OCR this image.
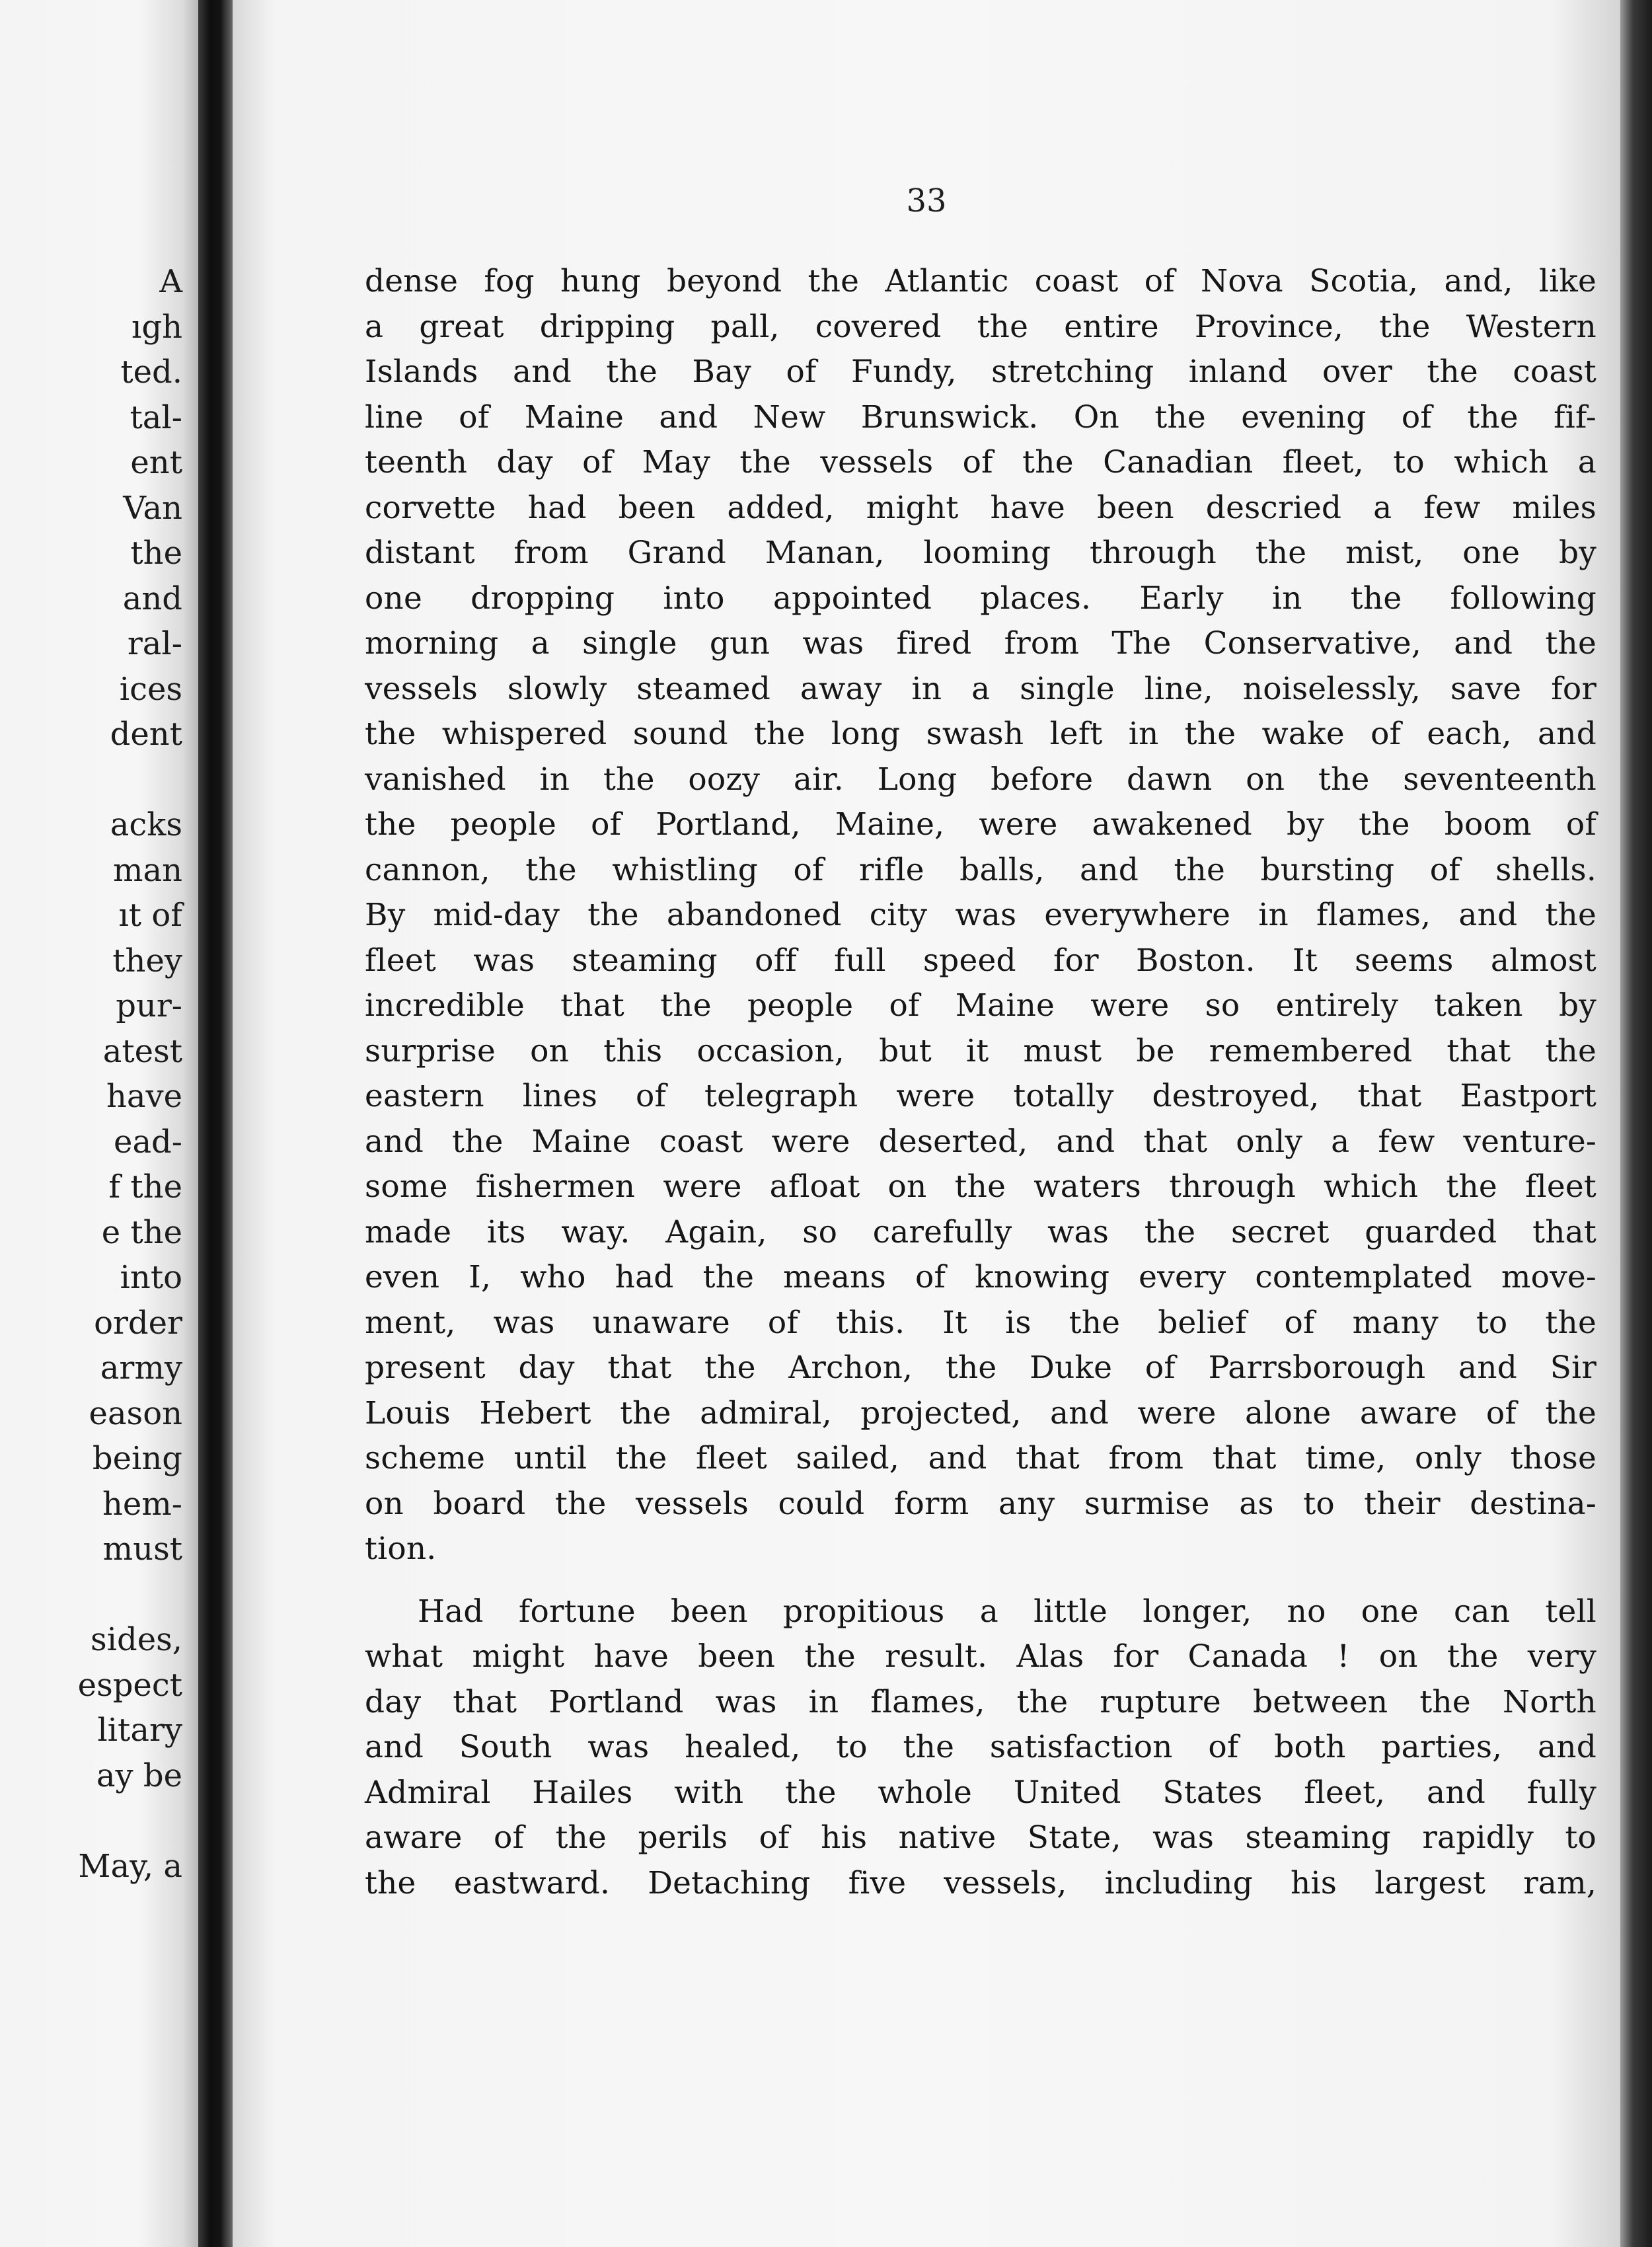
A
ıgh
ted.
tal-
ent
Van
the
and
ral-
ices
dent

acks
man
ıt of
they
pur-
atest
have
ead-
f the
e the
into
order
army
eason
being
hem-
must

sides,
espect
litary
ay be

May, a
33

dense fog hung beyond the Atlantic coast of Nova Scotia, and, like
a great dripping pall, covered the entire Province, the Western
Islands and the Bay of Fundy, stretching inland over the coast
line of Maine and New Brunswick. On the evening of the fif-
teenth day of May the vessels of the Canadian fleet, to which a
corvette had been added, might have been descried a few miles
distant from Grand Manan, looming through the mist, one by
one dropping into appointed places. Early in the following
morning a single gun was fired from The Conservative, and the
vessels slowly steamed away in a single line, noiselessly, save for
the whispered sound the long swash left in the wake of each, and
vanished in the oozy air. Long before dawn on the seventeenth
the people of Portland, Maine, were awakened by the boom of
cannon, the whistling of rifle balls, and the bursting of shells.
By mid-day the abandoned city was everywhere in flames, and the
fleet was steaming off full speed for Boston. It seems almost
incredible that the people of Maine were so entirely taken by
surprise on this occasion, but it must be remembered that the
eastern lines of telegraph were totally destroyed, that Eastport
and the Maine coast were deserted, and that only a few venture-
some fishermen were afloat on the waters through which the fleet
made its way. Again, so carefully was the secret guarded that
even I, who had the means of knowing every contemplated move-
ment, was unaware of this. It is the belief of many to the
present day that the Archon, the Duke of Parrsborough and Sir
Louis Hebert the admiral, projected, and were alone aware of the
scheme until the fleet sailed, and that from that time, only those
on board the vessels could form any surmise as to their destina-
tion.

Had fortune been propitious a little longer, no one can tell
what might have been the result. Alas for Canada ! on the very
day that Portland was in flames, the rupture between the North
and South was healed, to the satisfaction of both parties, and
Admiral Hailes with the whole United States fleet, and fully
aware of the perils of his native State, was steaming rapidly to
the eastward. Detaching five vessels, including his largest ram,
